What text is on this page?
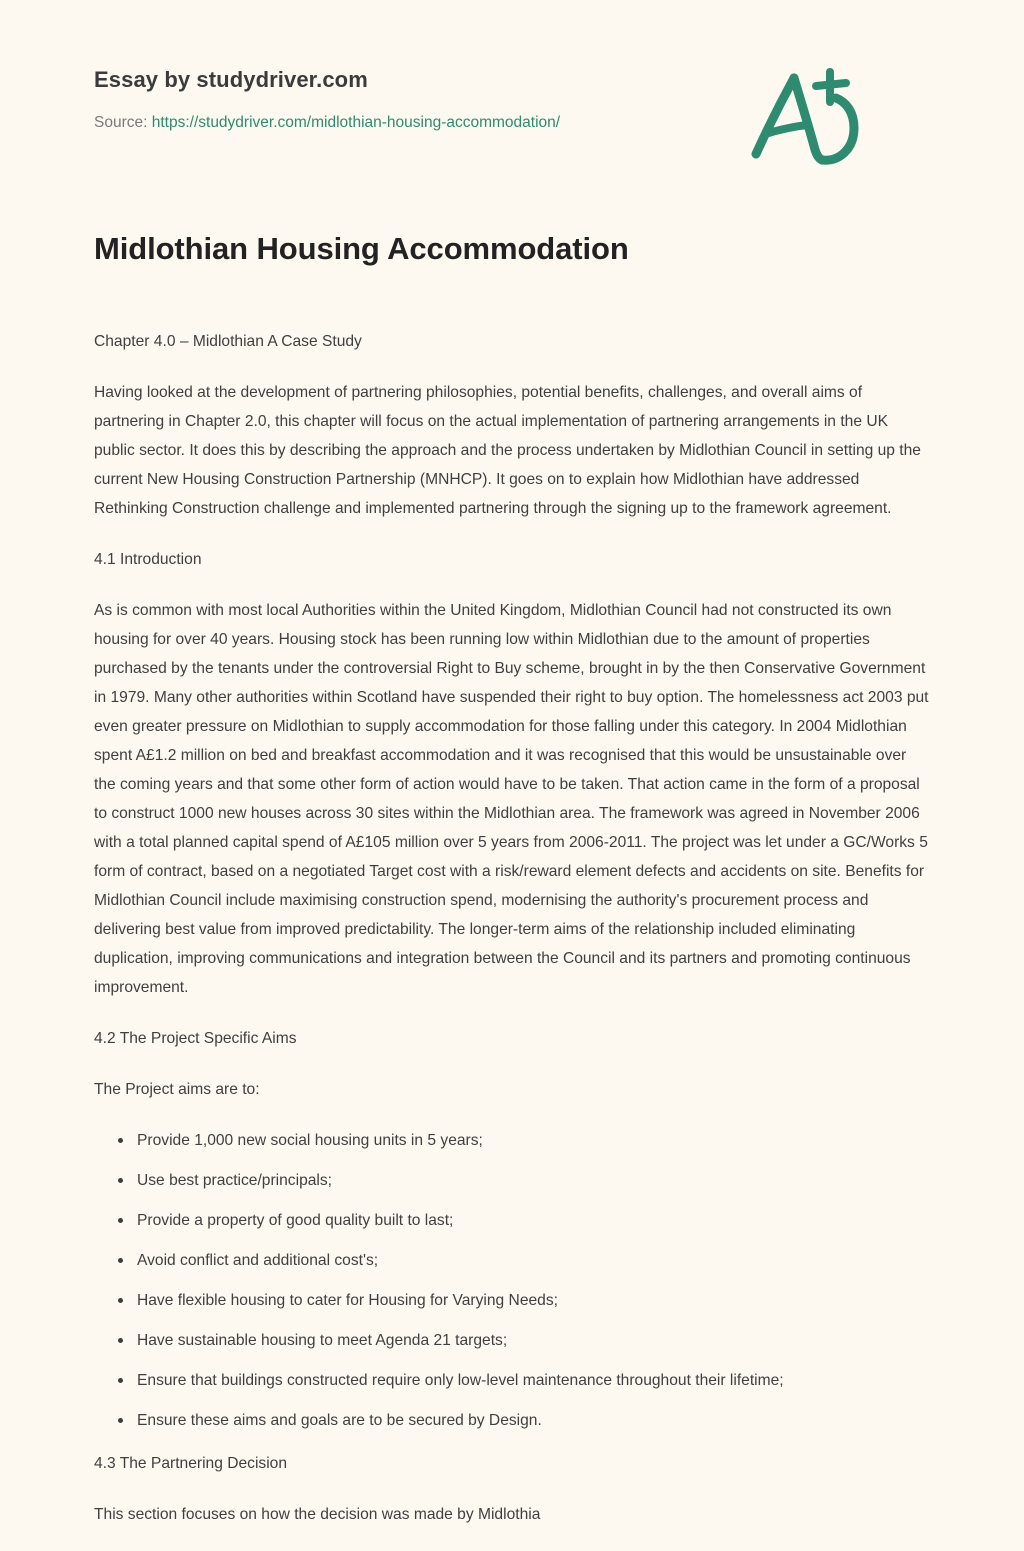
Essay by studydriver.com
Source: https://studydriver.com/midlothian-housing-accommodation/
Midlothian Housing Accommodation

Chapter 4.0 – Midlothian A Case Study

Having looked at the development of partnering philosophies, potential benefits, challenges, and overall aims of partnering in Chapter 2.0, this chapter will focus on the actual implementation of partnering arrangements in the UK public sector. It does this by describing the approach and the process undertaken by Midlothian Council in setting up the current New Housing Construction Partnership (MNHCP). It goes on to explain how Midlothian have addressed Rethinking Construction challenge and implemented partnering through the signing up to the framework agreement.

4.1 Introduction

As is common with most local Authorities within the United Kingdom, Midlothian Council had not constructed its own housing for over 40 years. Housing stock has been running low within Midlothian due to the amount of properties purchased by the tenants under the controversial Right to Buy scheme, brought in by the then Conservative Government in 1979. Many other authorities within Scotland have suspended their right to buy option. The homelessness act 2003 put even greater pressure on Midlothian to supply accommodation for those falling under this category. In 2004 Midlothian spent A£1.2 million on bed and breakfast accommodation and it was recognised that this would be unsustainable over the coming years and that some other form of action would have to be taken. That action came in the form of a proposal to construct 1000 new houses across 30 sites within the Midlothian area. The framework was agreed in November 2006 with a total planned capital spend of A£105 million over 5 years from 2006-2011. The project was let under a GC/Works 5 form of contract, based on a negotiated Target cost with a risk/reward element defects and accidents on site. Benefits for Midlothian Council include maximising construction spend, modernising the authority's procurement process and delivering best value from improved predictability. The longer-term aims of the relationship included eliminating duplication, improving communications and integration between the Council and its partners and promoting continuous improvement.

4.2 The Project Specific Aims

The Project aims are to:

Provide 1,000 new social housing units in 5 years;
Use best practice/principals;
Provide a property of good quality built to last;
Avoid conflict and additional cost's;
Have flexible housing to cater for Housing for Varying Needs;
Have sustainable housing to meet Agenda 21 targets;
Ensure that buildings constructed require only low-level maintenance throughout their lifetime;
Ensure these aims and goals are to be secured by Design.

4.3 The Partnering Decision

This section focuses on how the decision was made by Midlothia
